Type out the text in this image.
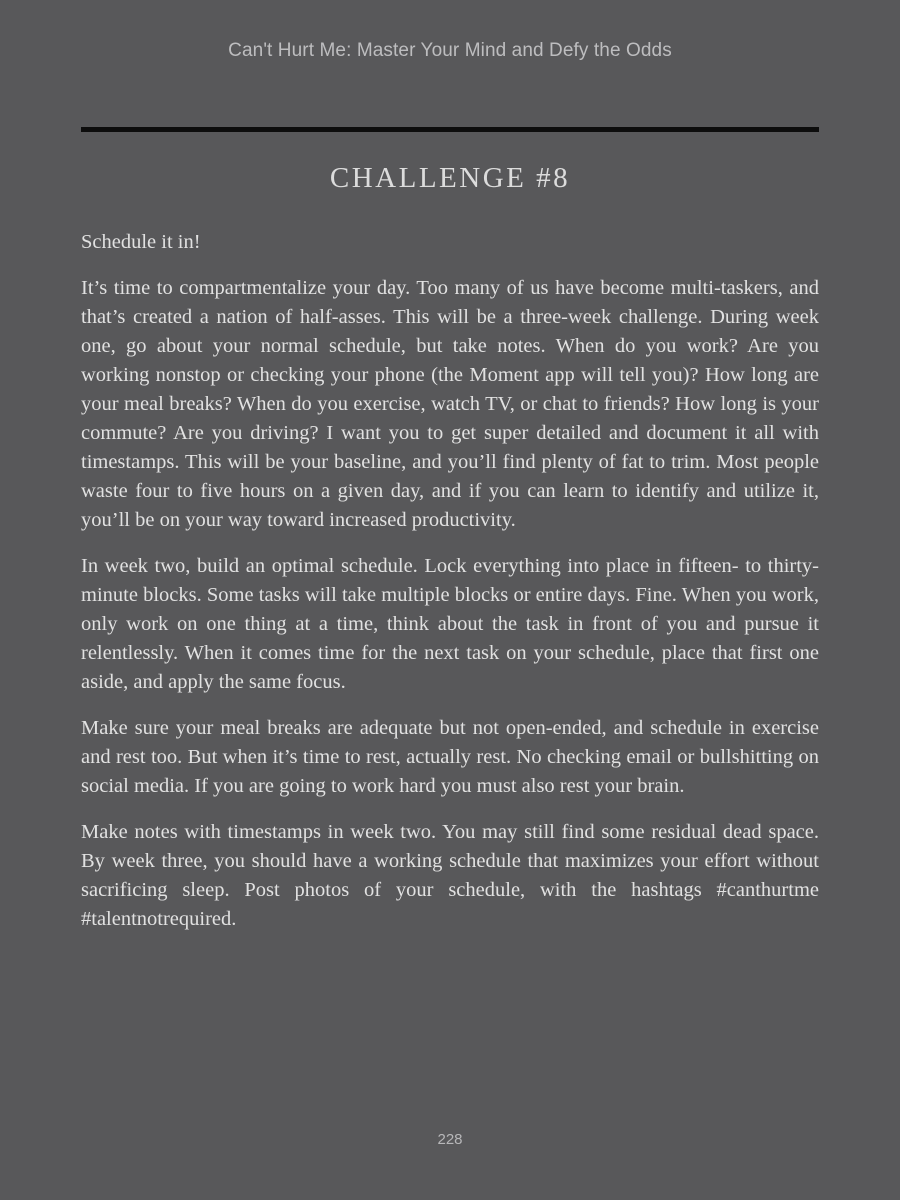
Can't Hurt Me: Master Your Mind and Defy the Odds
CHALLENGE #8

Schedule it in!

It’s time to compartmentalize your day. Too many of us have become multi-taskers, and that’s created a nation of half-asses. This will be a three-week challenge. During week one, go about your normal schedule, but take notes. When do you work? Are you working nonstop or checking your phone (the Moment app will tell you)? How long are your meal breaks? When do you exercise, watch TV, or chat to friends? How long is your commute? Are you driving? I want you to get super detailed and document it all with timestamps. This will be your baseline, and you’ll find plenty of fat to trim. Most people waste four to five hours on a given day, and if you can learn to identify and utilize it, you’ll be on your way toward increased productivity.

In week two, build an optimal schedule. Lock everything into place in fifteen- to thirty-minute blocks. Some tasks will take multiple blocks or entire days. Fine. When you work, only work on one thing at a time, think about the task in front of you and pursue it relentlessly. When it comes time for the next task on your schedule, place that first one aside, and apply the same focus.

Make sure your meal breaks are adequate but not open-ended, and schedule in exercise and rest too. But when it’s time to rest, actually rest. No checking email or bullshitting on social media. If you are going to work hard you must also rest your brain.

Make notes with timestamps in week two. You may still find some residual dead space. By week three, you should have a working schedule that maximizes your effort without sacrificing sleep. Post photos of your schedule, with the hashtags #canthurtme #talentnotrequired.

228
